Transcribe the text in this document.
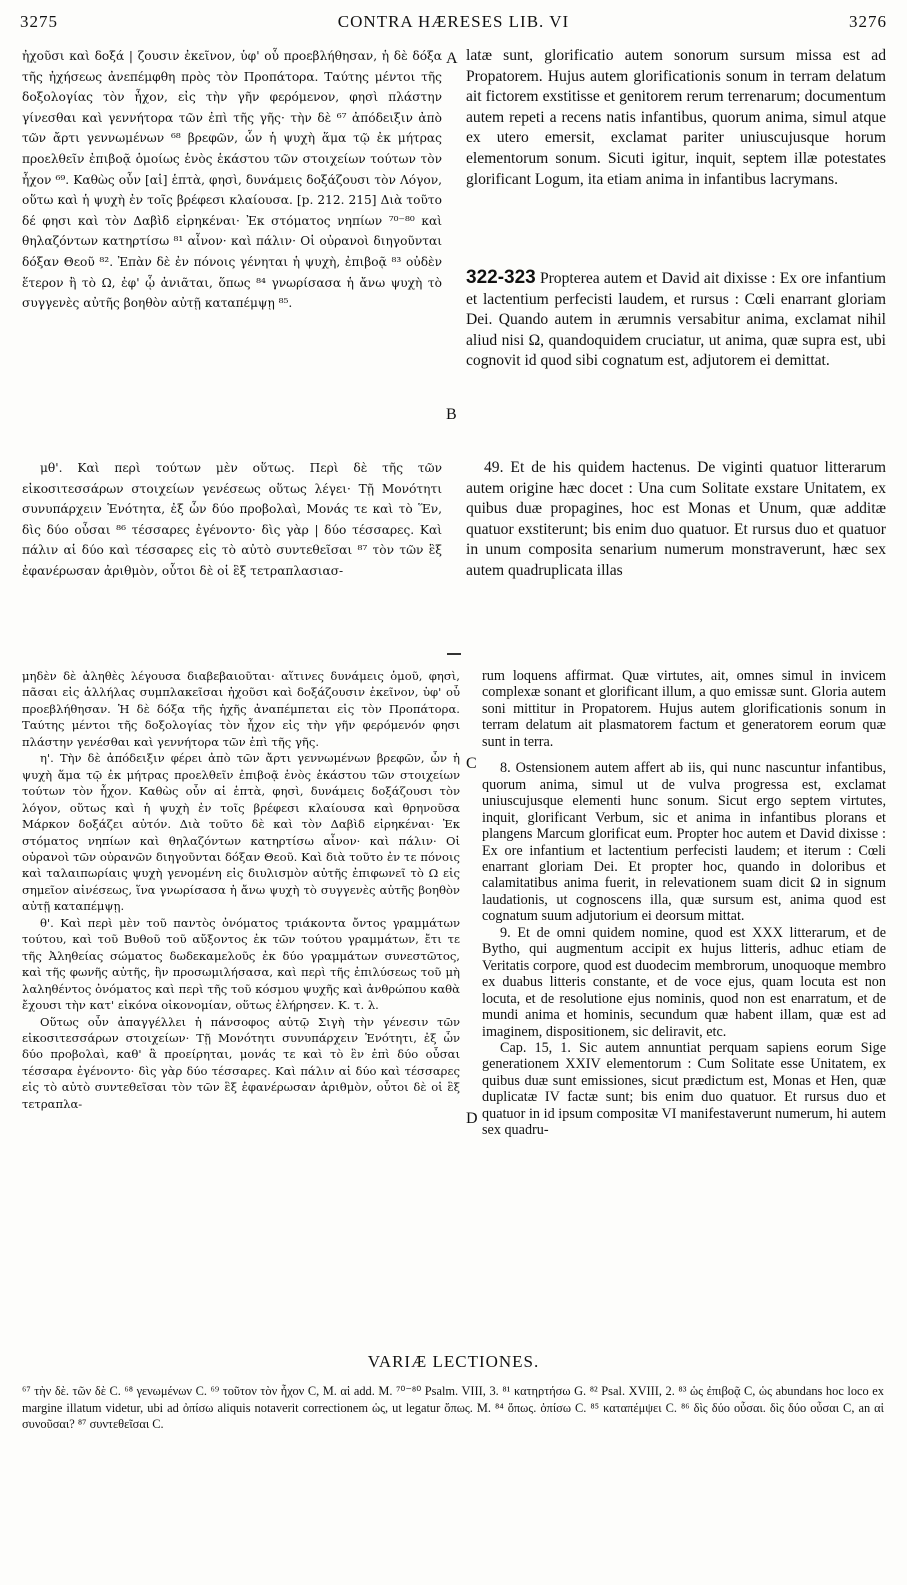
3275	CONTRA HÆRESES LIB. VI	3276

ἠχοῦσι καὶ δοξά | ζουσιν ἐκεῖνον, ὑφ' οὗ προεβλήθησαν, ἡ δὲ δόξα τῆς ἠχήσεως ἀνεπέμφθη πρὸς τὸν Προπάτορα. Ταύτης μέντοι τῆς δοξολογίας τὸν ἦχον, εἰς τὴν γῆν φερόμενον, φησὶ πλάστην γίνεσθαι καὶ γεννήτορα τῶν ἐπὶ τῆς γῆς· τὴν δὲ ⁶⁷ ἀπόδειξιν ἀπὸ τῶν ἄρτι γεννωμένων ⁶⁸ βρεφῶν, ὧν ἡ ψυχὴ ἅμα τῷ ἐκ μήτρας προελθεῖν ἐπιβοᾷ ὁμοίως ἑνὸς ἑκάστου τῶν στοιχείων τούτων τὸν ἦχον ⁶⁹. Καθὼς οὖν [αἱ] ἑπτὰ, φησὶ, δυνάμεις δοξάζουσι τὸν Λόγον, οὕτω καὶ ἡ ψυχὴ ἐν τοῖς βρέφεσι κλαίουσα. [p. 212. 215] Διὰ τοῦτο δέ φησι καὶ τὸν Δαβὶδ εἰρηκέναι· Ἐκ στόματος νηπίων ⁷⁰⁻⁸⁰ καὶ θηλαζόντων κατηρτίσω ⁸¹ αἶνον· καὶ πάλιν· Οἱ οὐρανοὶ διηγοῦνται δόξαν Θεοῦ ⁸². Ἐπὰν δὲ ἐν πόνοις γένηται ἡ ψυχὴ, ἐπιβοᾷ ⁸³ οὐδὲν ἕτερον ἢ τὸ Ω, ἐφ' ᾧ ἀνιᾶται, ὅπως ⁸⁴ γνωρίσασα ἡ ἄνω ψυχὴ τὸ συγγενὲς αὐτῆς βοηθὸν αὐτῇ καταπέμψῃ ⁸⁵.

μθ'. Καὶ περὶ τούτων μὲν οὕτως. Περὶ δὲ τῆς τῶν εἰκοσιτεσσάρων στοιχείων γενέσεως οὕτως λέγει· Τῇ Μονότητι συνυπάρχειν Ἑνότητα, ἐξ ὧν δύο προβολαὶ, Μονάς τε καὶ τὸ Ἕν, δὶς δύο οὖσαι ⁸⁶ τέσσαρες ἐγένοντο· δὶς γὰρ | δύο τέσσαρες. Καὶ πάλιν αἱ δύο καὶ τέσσαρες εἰς τὸ αὐτὸ συντεθεῖσαι ⁸⁷ τὸν τῶν ἓξ ἐφανέρωσαν ἀριθμὸν, οὗτοι δὲ οἱ ἓξ τετραπλασιασ-

A
B

latæ sunt, glorificatio autem sonorum sursum missa est ad Propatorem. Hujus autem glorificationis sonum in terram delatum ait fictorem exstitisse et genitorem rerum terrenarum; documentum autem repeti a recens natis infantibus, quorum anima, simul atque ex utero emersit, exclamat pariter uniuscujusque horum elementorum sonum. Sicuti igitur, inquit, septem illæ potestates glorificant Logum, ita etiam anima in infantibus lacrymans.

322-323 Propterea autem et David ait dixisse : Ex ore infantium et lactentium perfecisti laudem, et rursus : Cœli enarrant gloriam Dei. Quando autem in ærumnis versabitur anima, exclamat nihil aliud nisi Ω, quandoquidem cruciatur, ut anima, quæ supra est, ubi cognovit id quod sibi cognatum est, adjutorem ei demittat.

49. Et de his quidem hactenus. De viginti quatuor litterarum autem origine hæc docet : Una cum Solitate exstare Unitatem, ex quibus duæ propagines, hoc est Monas et Unum, quæ additæ quatuor exstiterunt; bis enim duo quatuor. Et rursus duo et quatuor in unum composita senarium numerum monstraverunt, hæc sex autem quadruplicata illas

μηδὲν δὲ ἀληθὲς λέγουσα διαβεβαιοῦται· αἵτινες δυνάμεις ὁμοῦ, φησὶ, πᾶσαι εἰς ἀλλήλας συμπλακεῖσαι ἠχοῦσι καὶ δοξάζουσιν ἐκεῖνον, ὑφ' οὗ προεβλήθησαν. Ἡ δὲ δόξα τῆς ἠχῆς ἀναπέμπεται εἰς τὸν Προπάτορα. Ταύτης μέντοι τῆς δοξολογίας τὸν ἦχον εἰς τὴν γῆν φερόμενόν φησι πλάστην γενέσθαι καὶ γεννήτορα τῶν ἐπὶ τῆς γῆς.

η'. Τὴν δὲ ἀπόδειξιν φέρει ἀπὸ τῶν ἄρτι γεννωμένων βρεφῶν, ὧν ἡ ψυχὴ ἅμα τῷ ἐκ μήτρας προελθεῖν ἐπιβοᾷ ἑνὸς ἑκάστου τῶν στοιχείων τούτων τὸν ἦχον. Καθὼς οὖν αἱ ἑπτὰ, φησὶ, δυνάμεις δοξάζουσι τὸν λόγον, οὕτως καὶ ἡ ψυχὴ ἐν τοῖς βρέφεσι κλαίουσα καὶ θρηνοῦσα Μάρκον δοξάζει αὐτόν. Διὰ τοῦτο δὲ καὶ τὸν Δαβὶδ εἰρηκέναι· Ἐκ στόματος νηπίων καὶ θηλαζόντων κατηρτίσω αἶνον· καὶ πάλιν· Οἱ οὐρανοὶ τῶν οὐρανῶν διηγοῦνται δόξαν Θεοῦ. Καὶ διὰ τοῦτο ἐν τε πόνοις καὶ ταλαιπωρίαις ψυχὴ γενομένη εἰς διυλισμὸν αὐτῆς ἐπιφωνεῖ τὸ Ω εἰς σημεῖον αἰνέσεως, ἵνα γνωρίσασα ἡ ἄνω ψυχὴ τὸ συγγενὲς αὐτῆς βοηθὸν αὐτῇ καταπέμψῃ.

θ'. Καὶ περὶ μὲν τοῦ παντὸς ὀνόματος τριάκοντα ὄντος γραμμάτων τούτου, καὶ τοῦ Βυθοῦ τοῦ αὔξοντος ἐκ τῶν τούτου γραμμάτων, ἔτι τε τῆς Ἀληθείας σώματος δωδεκαμελοῦς ἐκ δύο γραμμάτων συνεστῶτος, καὶ τῆς φωνῆς αὐτῆς, ἣν προσωμιλήσασα, καὶ περὶ τῆς ἐπιλύσεως τοῦ μὴ λαληθέντος ὀνόματος καὶ περὶ τῆς τοῦ κόσμου ψυχῆς καὶ ἀνθρώπου καθὰ ἔχουσι τὴν κατ' εἰκόνα οἰκονομίαν, οὕτως ἐλήρησεν. Κ. τ. λ.

Οὕτως οὖν ἀπαγγέλλει ἡ πάνσοφος αὐτῷ Σιγὴ τὴν γένεσιν τῶν εἰκοσιτεσσάρων στοιχείων· Τῇ Μονότητι συνυπάρχειν Ἑνότητι, ἐξ ὧν δύο προβολαὶ, καθ' ἃ προείρηται, μονάς τε καὶ τὸ ἓν ἐπὶ δύο οὖσαι τέσσαρα ἐγένοντο· δὶς γὰρ δύο τέσσαρες. Καὶ πάλιν αἱ δύο καὶ τέσσαρες εἰς τὸ αὐτὸ συντεθεῖσαι τὸν τῶν ἓξ ἐφανέρωσαν ἀριθμὸν, οὗτοι δὲ οἱ ἓξ τετραπλα-

C
D

rum loquens affirmat. Quæ virtutes, ait, omnes simul in invicem complexæ sonant et glorificant illum, a quo emissæ sunt. Gloria autem soni mittitur in Propatorem. Hujus autem glorificationis sonum in terram delatum ait plasmatorem factum et generatorem eorum quæ sunt in terra.

8. Ostensionem autem affert ab iis, qui nunc nascuntur infantibus, quorum anima, simul ut de vulva progressa est, exclamat uniuscujusque elementi hunc sonum. Sicut ergo septem virtutes, inquit, glorificant Verbum, sic et anima in infantibus plorans et plangens Marcum glorificat eum. Propter hoc autem et David dixisse : Ex ore infantium et lactentium perfecisti laudem; et iterum : Cœli enarrant gloriam Dei. Et propter hoc, quando in doloribus et calamitatibus anima fuerit, in relevationem suam dicit Ω in signum laudationis, ut cognoscens illa, quæ sursum est, anima quod est cognatum suum adjutorium ei deorsum mittat.

9. Et de omni quidem nomine, quod est XXX litterarum, et de Bytho, qui augmentum accipit ex hujus litteris, adhuc etiam de Veritatis corpore, quod est duodecim membrorum, unoquoque membro ex duabus litteris constante, et de voce ejus, quam locuta est non locuta, et de resolutione ejus nominis, quod non est enarratum, et de mundi anima et hominis, secundum quæ habent illam, quæ est ad imaginem, dispositionem, sic deliravit, etc.

Cap. 15, 1. Sic autem annuntiat perquam sapiens eorum Sige generationem XXIV elementorum : Cum Solitate esse Unitatem, ex quibus duæ sunt emissiones, sicut prædictum est, Monas et Hen, quæ duplicatæ IV factæ sunt; bis enim duo quatuor. Et rursus duo et quatuor in id ipsum compositæ VI manifestaverunt numerum, hi autem sex quadru-

VARIÆ LECTIONES.
⁶⁷ τὴν δὲ. τῶν δὲ C. ⁶⁸ γενωμένων C. ⁶⁹ τοῦτον τὸν ἦχον C, M. αἱ add. M. ⁷⁰⁻⁸⁰ Psalm. VIII, 3. ⁸¹ κατηρτήσω G. ⁸² Psal. XVIII, 2. ⁸³ ὡς ἐπιβοᾷ C, ὡς abundans hoc loco ex margine illatum videtur, ubi ad ὀπίσω aliquis notaverit correctionem ὡς, ut legatur ὅπως. M. ⁸⁴ ὅπως. ὀπίσω C. ⁸⁵ καταπέμψει C. ⁸⁶ δὶς δύο οὖσαι. δὶς δύο οὖσαι C, an αἱ συνοῦσαι? ⁸⁷ συντεθεῖσαι C.
